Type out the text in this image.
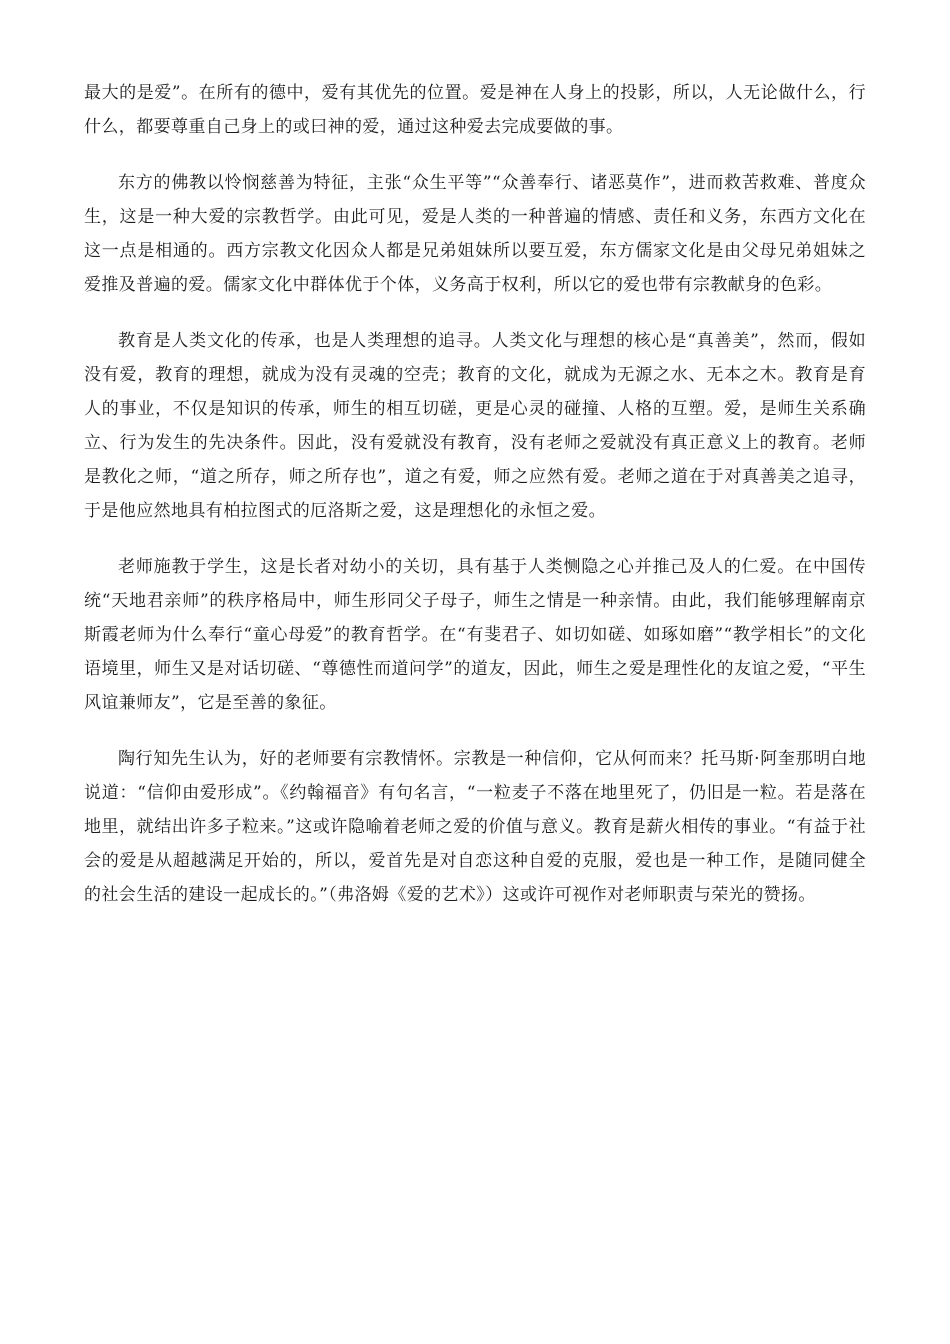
最大的是爱”。在所有的德中，爱有其优先的位置。爱是神在人身上的投影，所以，人无论做什么，行什么，都要尊重自己身上的或曰神的爱，通过这种爱去完成要做的事。

东方的佛教以怜悯慈善为特征，主张“众生平等”“众善奉行、诸恶莫作”，进而救苦救难、普度众生，这是一种大爱的宗教哲学。由此可见，爱是人类的一种普遍的情感、责任和义务，东西方文化在这一点是相通的。西方宗教文化因众人都是兄弟姐妹所以要互爱，东方儒家文化是由父母兄弟姐妹之爱推及普遍的爱。儒家文化中群体优于个体，义务高于权利，所以它的爱也带有宗教献身的色彩。

教育是人类文化的传承，也是人类理想的追寻。人类文化与理想的核心是“真善美”，然而，假如没有爱，教育的理想，就成为没有灵魂的空壳；教育的文化，就成为无源之水、无本之木。教育是育人的事业，不仅是知识的传承，师生的相互切磋，更是心灵的碰撞、人格的互塑。爱，是师生关系确立、行为发生的先决条件。因此，没有爱就没有教育，没有老师之爱就没有真正意义上的教育。老师是教化之师，“道之所存，师之所存也”，道之有爱，师之应然有爱。老师之道在于对真善美之追寻，于是他应然地具有柏拉图式的厄洛斯之爱，这是理想化的永恒之爱。

老师施教于学生，这是长者对幼小的关切，具有基于人类恻隐之心并推己及人的仁爱。在中国传统“天地君亲师”的秩序格局中，师生形同父子母子，师生之情是一种亲情。由此，我们能够理解南京斯霞老师为什么奉行“童心母爱”的教育哲学。在“有斐君子、如切如磋、如琢如磨”“教学相长”的文化语境里，师生又是对话切磋、“尊德性而道问学”的道友，因此，师生之爱是理性化的友谊之爱，“平生风谊兼师友”，它是至善的象征。

陶行知先生认为，好的老师要有宗教情怀。宗教是一种信仰，它从何而来？托马斯·阿奎那明白地说道：“信仰由爱形成”。《约翰福音》有句名言，“一粒麦子不落在地里死了，仍旧是一粒。若是落在地里，就结出许多子粒来。”这或许隐喻着老师之爱的价值与意义。教育是薪火相传的事业。“有益于社会的爱是从超越满足开始的，所以，爱首先是对自恋这种自爱的克服，爱也是一种工作，是随同健全的社会生活的建设一起成长的。”（弗洛姆《爱的艺术》）这或许可视作对老师职责与荣光的赞扬。
